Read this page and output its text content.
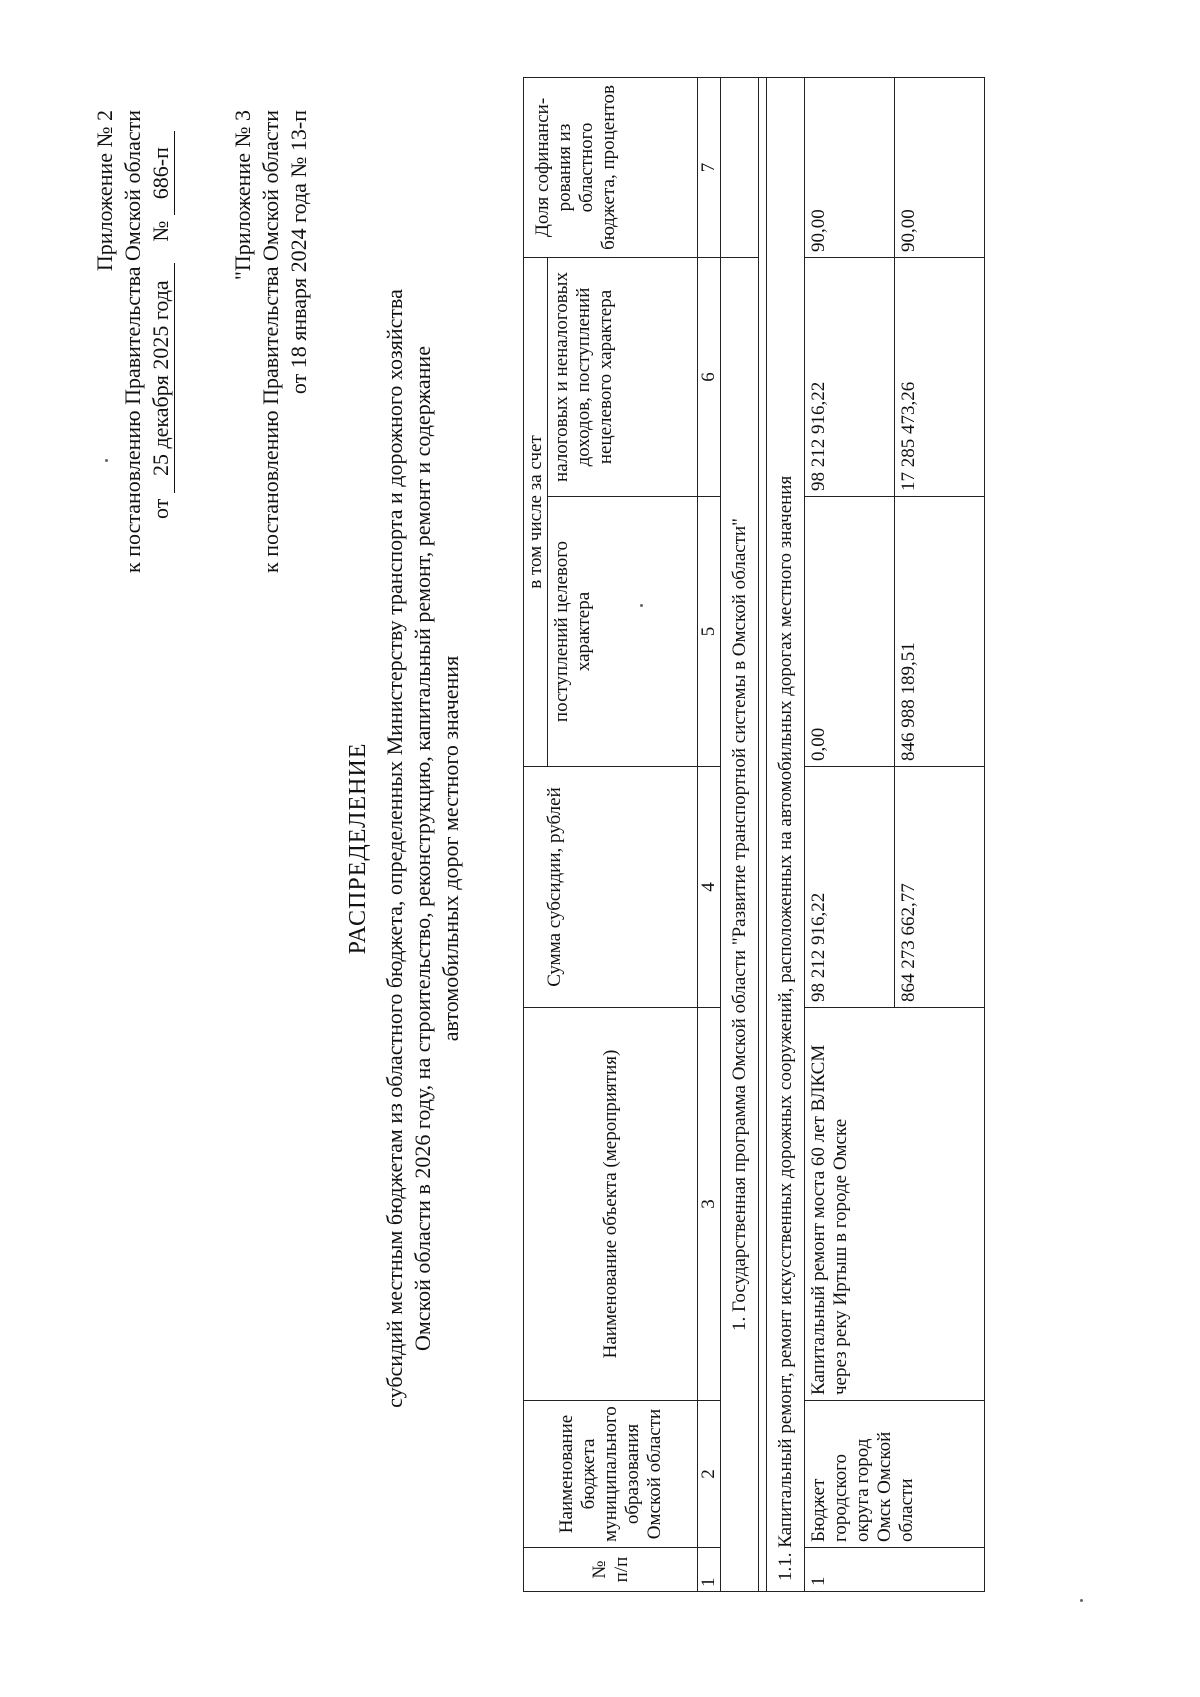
Приложение № 2 к постановлению Правительства Омской области от 25 декабря 2025 года № 686-п	"Приложение № 3 к постановлению Правительства Омской области от 18 января 2024 года № 13-п
РАСПРЕДЕЛЕНИЕ субсидий местным бюджетам из областного бюджета, определенных Министерству транспорта и дорожного хозяйства Омской области в 2026 году, на строительство, реконструкцию, капитальный ремонт, ремонт и содержание автомобильных дорог местного значения
№ п/п	Наименование бюджета муниципального образования Омской области	Наименование объекта (мероприятия)	Сумма субсидии, рублей	в том числе за счет		Доля софинанси-рования из областного бюджета, процентов
				поступлений целевого характера	налоговых и неналоговых доходов, поступлений нецелевого характера	
1	2	3	4	5	6	7
1. Государственная программа Омской области "Развитие транспортной системы в Омской области"						

1.1. Капитальный ремонт, ремонт искусственных дорожных сооружений, расположенных на автомобильных дорогах местного значения						
1	Бюджет городского округа город Омск Омской области	Капитальный ремонт моста 60 лет ВЛКСМ через реку Иртыш в городе Омске	98 212 916,22	0,00	98 212 916,22	90,00
			864 273 662,77	846 988 189,51	17 285 473,26	90,00
